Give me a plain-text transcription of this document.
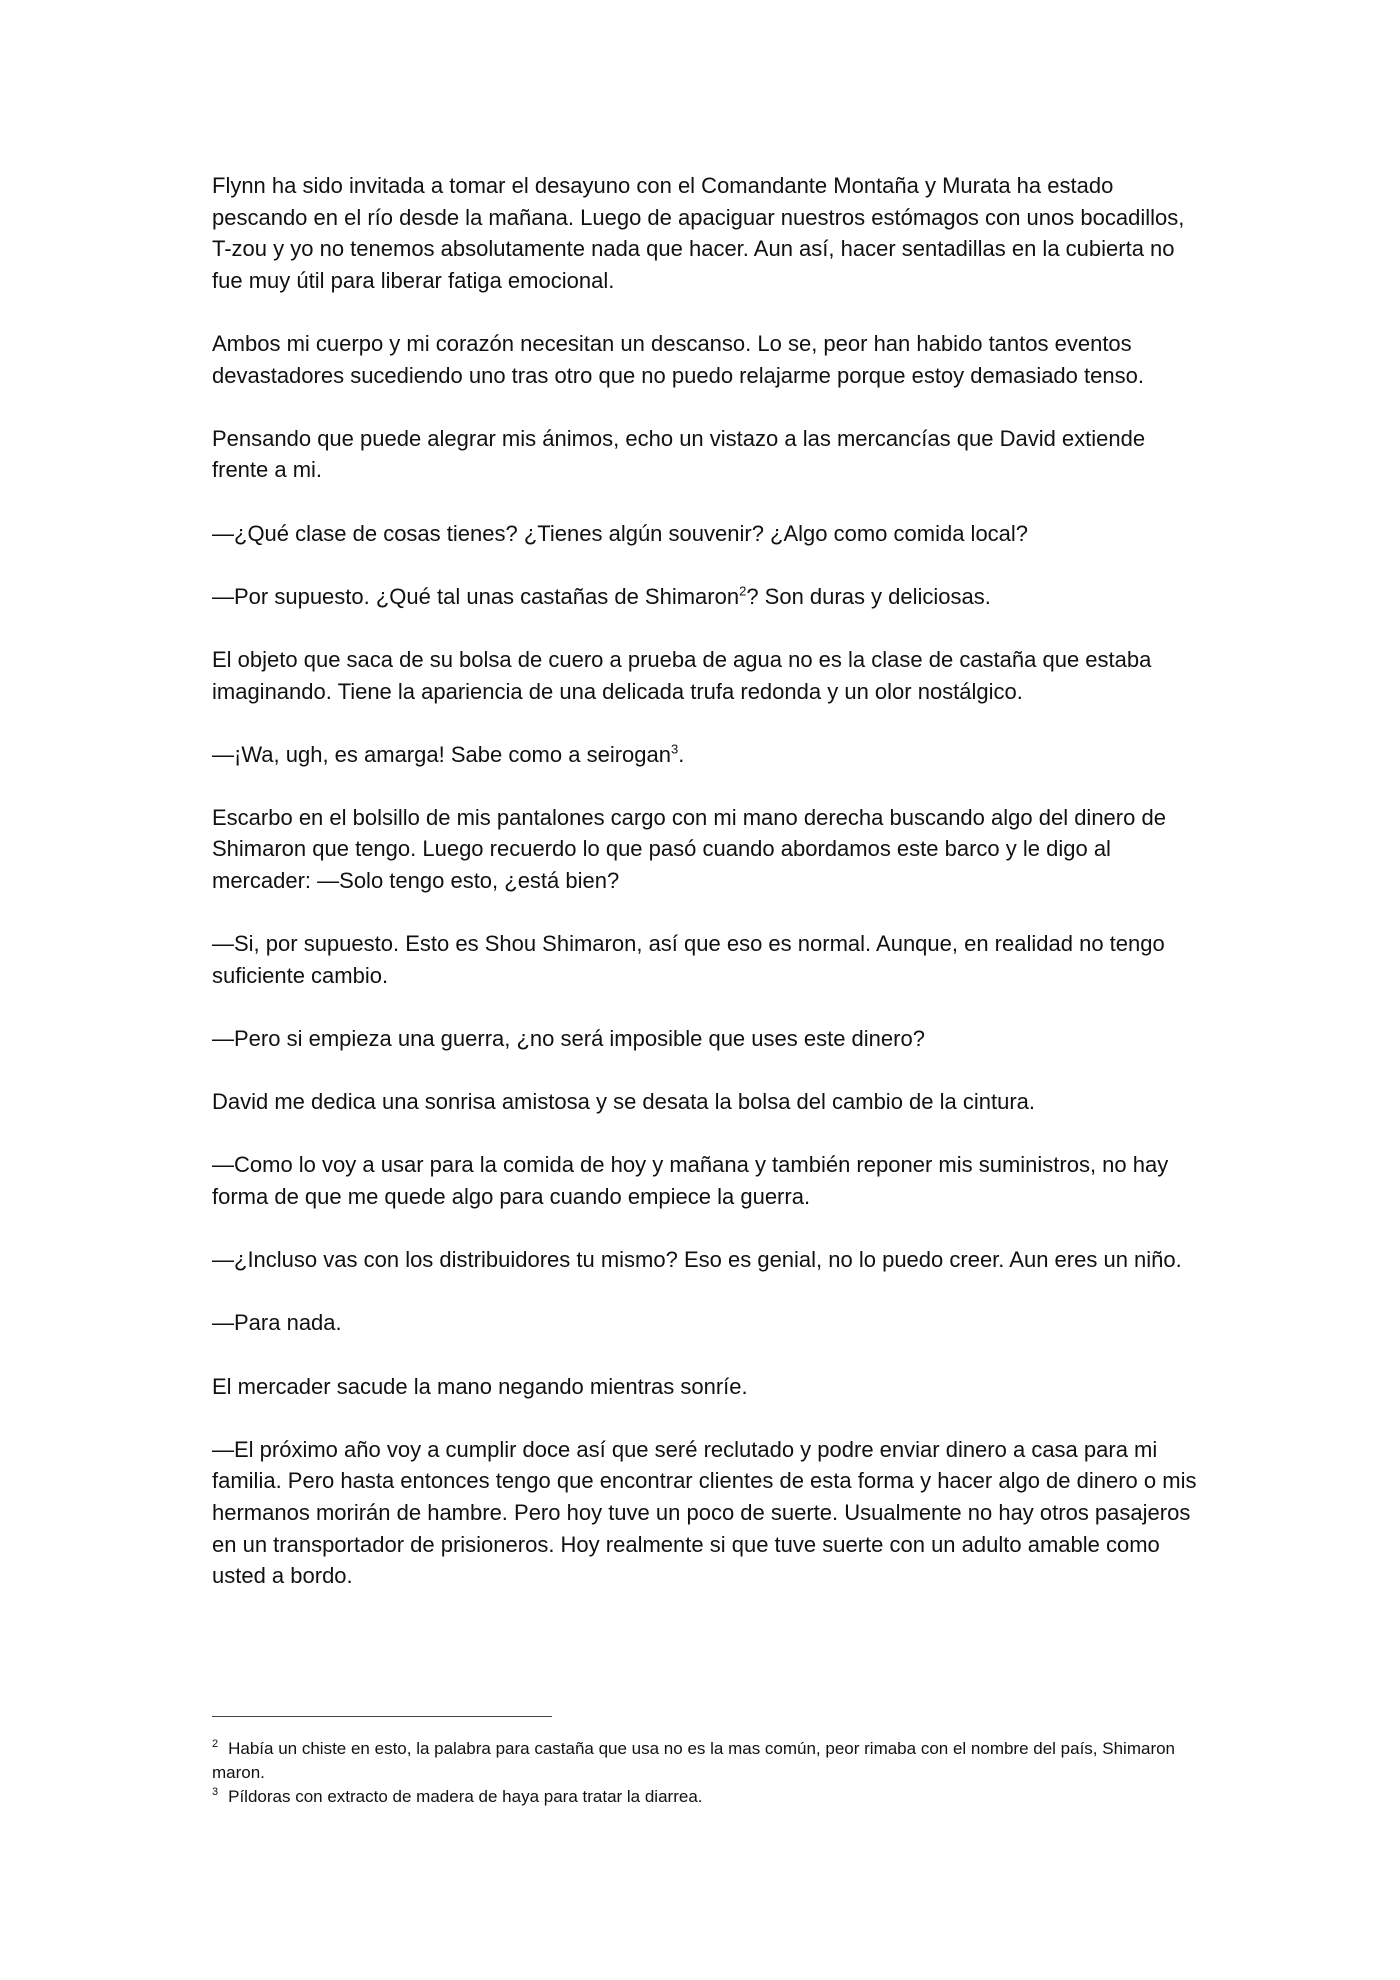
Flynn ha sido invitada a tomar el desayuno con el Comandante Montaña y Murata ha estado pescando en el río desde la mañana. Luego de apaciguar nuestros estómagos con unos bocadillos, T-zou y yo no tenemos absolutamente nada que hacer. Aun así, hacer sentadillas en la cubierta no fue muy útil para liberar fatiga emocional.

Ambos mi cuerpo y mi corazón necesitan un descanso. Lo se, peor han habido tantos eventos devastadores sucediendo uno tras otro que no puedo relajarme porque estoy demasiado tenso.

Pensando que puede alegrar mis ánimos, echo un vistazo a las mercancías que David extiende frente a mi.

—¿Qué clase de cosas tienes? ¿Tienes algún souvenir? ¿Algo como comida local?

—Por supuesto. ¿Qué tal unas castañas de Shimaron$^2$? Son duras y deliciosas.

El objeto que saca de su bolsa de cuero a prueba de agua no es la clase de castaña que estaba imaginando. Tiene la apariencia de una delicada trufa redonda y un olor nostálgico.

—¡Wa, ugh, es amarga! Sabe como a seirogan$^3$.

Escarbo en el bolsillo de mis pantalones cargo con mi mano derecha buscando algo del dinero de Shimaron que tengo. Luego recuerdo lo que pasó cuando abordamos este barco y le digo al mercader: —Solo tengo esto, ¿está bien?

—Si, por supuesto. Esto es Shou Shimaron, así que eso es normal. Aunque, en realidad no tengo suficiente cambio.

—Pero si empieza una guerra, ¿no será imposible que uses este dinero?

David me dedica una sonrisa amistosa y se desata la bolsa del cambio de la cintura.

—Como lo voy a usar para la comida de hoy y mañana y también reponer mis suministros, no hay forma de que me quede algo para cuando empiece la guerra.

—¿Incluso vas con los distribuidores tu mismo? Eso es genial, no lo puedo creer. Aun eres un niño.

—Para nada.

El mercader sacude la mano negando mientras sonríe.

—El próximo año voy a cumplir doce así que seré reclutado y podre enviar dinero a casa para mi familia. Pero hasta entonces tengo que encontrar clientes de esta forma y hacer algo de dinero o mis hermanos morirán de hambre. Pero hoy tuve un poco de suerte. Usualmente no hay otros pasajeros en un transportador de prisioneros. Hoy realmente si que tuve suerte con un adulto amable como usted a bordo.

$^2$ Había un chiste en esto, la palabra para castaña que usa no es la mas común, peor rimaba con el nombre del país, Shimaron maron.

$^3$ Píldoras con extracto de madera de haya para tratar la diarrea.
